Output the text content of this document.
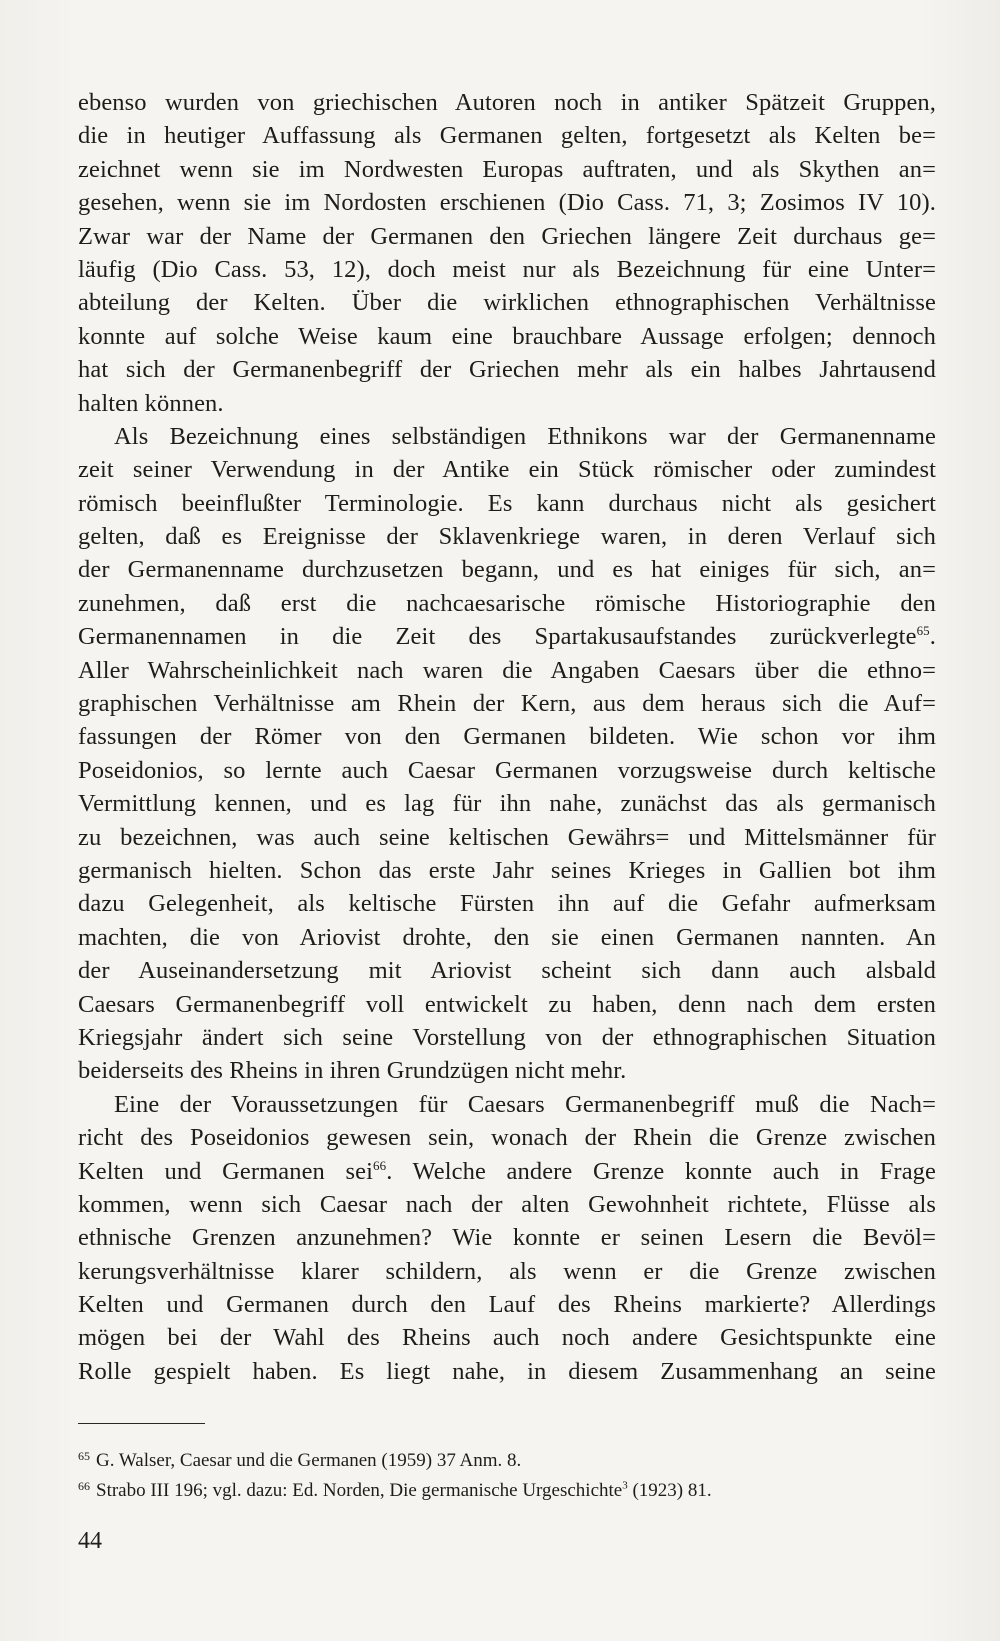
ebenso wurden von griechischen Autoren noch in antiker Spätzeit Gruppen,
die in heutiger Auffassung als Germanen gelten, fortgesetzt als Kelten be=
zeichnet wenn sie im Nordwesten Europas auftraten, und als Skythen an=
gesehen, wenn sie im Nordosten erschienen (Dio Cass. 71, 3; Zosimos IV 10).
Zwar war der Name der Germanen den Griechen längere Zeit durchaus ge=
läufig (Dio Cass. 53, 12), doch meist nur als Bezeichnung für eine Unter=
abteilung der Kelten. Über die wirklichen ethnographischen Verhältnisse
konnte auf solche Weise kaum eine brauchbare Aussage erfolgen; dennoch
hat sich der Germanenbegriff der Griechen mehr als ein halbes Jahrtausend
halten können.
Als Bezeichnung eines selbständigen Ethnikons war der Germanenname
zeit seiner Verwendung in der Antike ein Stück römischer oder zumindest
römisch beeinflußter Terminologie. Es kann durchaus nicht als gesichert
gelten, daß es Ereignisse der Sklavenkriege waren, in deren Verlauf sich
der Germanenname durchzusetzen begann, und es hat einiges für sich, an=
zunehmen, daß erst die nachcaesarische römische Historiographie den
Germanennamen in die Zeit des Spartakusaufstandes zurückverlegte$^{65}$.
Aller Wahrscheinlichkeit nach waren die Angaben Caesars über die ethno=
graphischen Verhältnisse am Rhein der Kern, aus dem heraus sich die Auf=
fassungen der Römer von den Germanen bildeten. Wie schon vor ihm
Poseidonios, so lernte auch Caesar Germanen vorzugsweise durch keltische
Vermittlung kennen, und es lag für ihn nahe, zunächst das als germanisch
zu bezeichnen, was auch seine keltischen Gewährs= und Mittelsmänner für
germanisch hielten. Schon das erste Jahr seines Krieges in Gallien bot ihm
dazu Gelegenheit, als keltische Fürsten ihn auf die Gefahr aufmerksam
machten, die von Ariovist drohte, den sie einen Germanen nannten. An
der Auseinandersetzung mit Ariovist scheint sich dann auch alsbald
Caesars Germanenbegriff voll entwickelt zu haben, denn nach dem ersten
Kriegsjahr ändert sich seine Vorstellung von der ethnographischen Situation
beiderseits des Rheins in ihren Grundzügen nicht mehr.
Eine der Voraussetzungen für Caesars Germanenbegriff muß die Nach=
richt des Poseidonios gewesen sein, wonach der Rhein die Grenze zwischen
Kelten und Germanen sei$^{66}$. Welche andere Grenze konnte auch in Frage
kommen, wenn sich Caesar nach der alten Gewohnheit richtete, Flüsse als
ethnische Grenzen anzunehmen? Wie konnte er seinen Lesern die Bevöl=
kerungsverhältnisse klarer schildern, als wenn er die Grenze zwischen
Kelten und Germanen durch den Lauf des Rheins markierte? Allerdings
mögen bei der Wahl des Rheins auch noch andere Gesichtspunkte eine
Rolle gespielt haben. Es liegt nahe, in diesem Zusammenhang an seine
$^{65}$ G. Walser, Caesar und die Germanen (1959) 37 Anm. 8.
$^{66}$ Strabo III 196; vgl. dazu: Ed. Norden, Die germanische Urgeschichte$^3$ (1923) 81.
44
